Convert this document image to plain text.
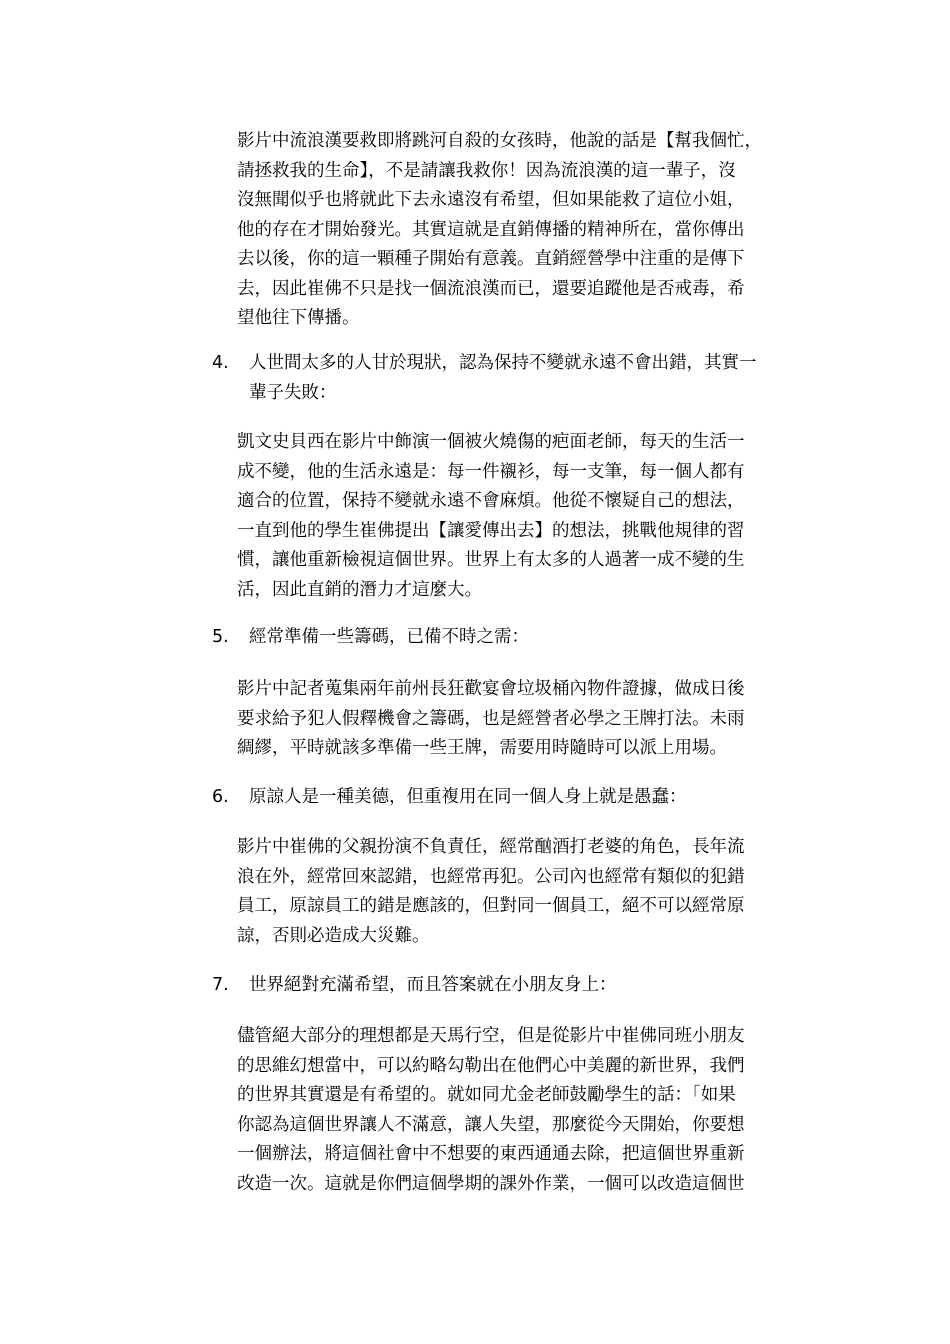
影片中流浪漢要救即將跳河自殺的女孩時，他說的話是【幫我個忙，
請拯救我的生命】，不是請讓我救你！因為流浪漢的這一輩子，沒
沒無聞似乎也將就此下去永遠沒有希望，但如果能救了這位小姐，
他的存在才開始發光。其實這就是直銷傳播的精神所在，當你傳出
去以後，你的這一顆種子開始有意義。直銷經營學中注重的是傳下
去，因此崔佛不只是找一個流浪漢而已，還要追蹤他是否戒毒，希
望他往下傳播。
4. 人世間太多的人甘於現狀，認為保持不變就永遠不會出錯，其實一
輩子失敗：
凱文史貝西在影片中飾演一個被火燒傷的疤面老師，每天的生活一
成不變，他的生活永遠是：每一件襯衫，每一支筆，每一個人都有
適合的位置，保持不變就永遠不會麻煩。他從不懷疑自己的想法，
一直到他的學生崔佛提出【讓愛傳出去】的想法，挑戰他規律的習
慣，讓他重新檢視這個世界。世界上有太多的人過著一成不變的生
活，因此直銷的潛力才這麼大。
5. 經常準備一些籌碼，已備不時之需：
影片中記者蒐集兩年前州長狂歡宴會垃圾桶內物件證據，做成日後
要求給予犯人假釋機會之籌碼，也是經營者必學之王牌打法。未雨
綢繆，平時就該多準備一些王牌，需要用時隨時可以派上用場。
6. 原諒人是一種美德，但重複用在同一個人身上就是愚蠢：
影片中崔佛的父親扮演不負責任，經常酗酒打老婆的角色，長年流
浪在外，經常回來認錯，也經常再犯。公司內也經常有類似的犯錯
員工，原諒員工的錯是應該的，但對同一個員工，絕不可以經常原
諒，否則必造成大災難。
7. 世界絕對充滿希望，而且答案就在小朋友身上：
儘管絕大部分的理想都是天馬行空，但是從影片中崔佛同班小朋友
的思維幻想當中，可以約略勾勒出在他們心中美麗的新世界，我們
的世界其實還是有希望的。就如同尤金老師鼓勵學生的話：「如果
你認為這個世界讓人不滿意，讓人失望，那麼從今天開始，你要想
一個辦法，將這個社會中不想要的東西通通去除，把這個世界重新
改造一次。這就是你們這個學期的課外作業，一個可以改造這個世
